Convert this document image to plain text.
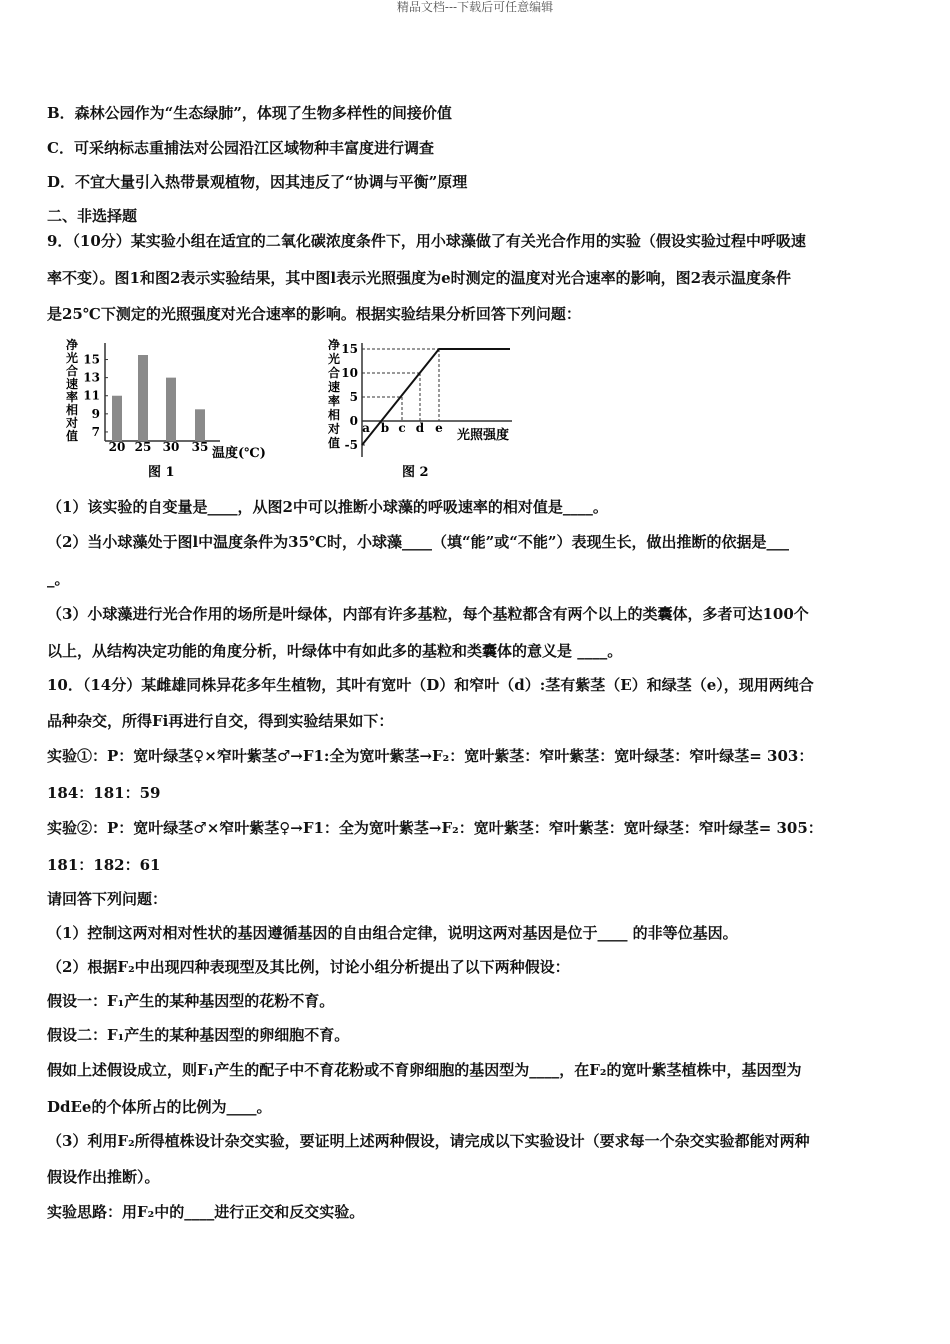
精品文档---下载后可任意编辑
B．森林公园作为“生态绿肺”，体现了生物多样性的间接价值
C．可采纳标志重捕法对公园沿江区域物种丰富度进行调查
D．不宜大量引入热带景观植物，因其违反了“协调与平衡”原理
二、非选择题
9．（10分）某实验小组在适宜的二氧化碳浓度条件下，用小球藻做了有关光合作用的实验（假设实验过程中呼吸速
率不变）。图1和图2表示实验结果，其中图l表示光照强度为e时测定的温度对光合速率的影响，图2表示温度条件
是25℃下测定的光照强度对光合速率的影响。根据实验结果分析回答下列问题：
净光合速率相对值 7
9
11
13
15
20 25 30 35 温度(℃)
图 1
净光合速率相对值 -5
0
5
10
15
a b c d e 光照强度
图 2
（1）该实验的自变量是____，从图2中可以推断小球藻的呼吸速率的相对值是____。
（2）当小球藻处于图l中温度条件为35℃时，小球藻____（填“能”或“不能”）表现生长，做出推断的依据是___
_。
（3）小球藻进行光合作用的场所是叶绿体，内部有许多基粒，每个基粒都含有两个以上的类囊体，多者可达100个
以上，从结构决定功能的角度分析，叶绿体中有如此多的基粒和类囊体的意义是 ____。
10．（14分）某雌雄同株异花多年生植物，其叶有宽叶（D）和窄叶（d）:茎有紫茎（E）和绿茎（e），现用两纯合
品种杂交，所得Fi再进行自交，得到实验结果如下：
实验①：P：宽叶绿茎♀×窄叶紫茎♂→F1:全为宽叶紫茎→F₂：宽叶紫茎：窄叶紫茎：宽叶绿茎：窄叶绿茎= 303：
184：181：59
实验②：P：宽叶绿茎♂×窄叶紫茎♀→F1：全为宽叶紫茎→F₂：宽叶紫茎：窄叶紫茎：宽叶绿茎：窄叶绿茎= 305：
181：182：61
请回答下列问题：
（1）控制这两对相对性状的基因遵循基因的自由组合定律，说明这两对基因是位于____ 的非等位基因。
（2）根据F₂中出现四种表现型及其比例，讨论小组分析提出了以下两种假设：
假设一：F₁产生的某种基因型的花粉不育。
假设二：F₁产生的某种基因型的卵细胞不育。
假如上述假设成立，则F₁产生的配子中不育花粉或不育卵细胞的基因型为____，在F₂的宽叶紫茎植株中，基因型为
DdEe的个体所占的比例为____。
（3）利用F₂所得植株设计杂交实验，要证明上述两种假设，请完成以下实验设计（要求每一个杂交实验都能对两种
假设作出推断）。
实验思路：用F₂中的____进行正交和反交实验。
